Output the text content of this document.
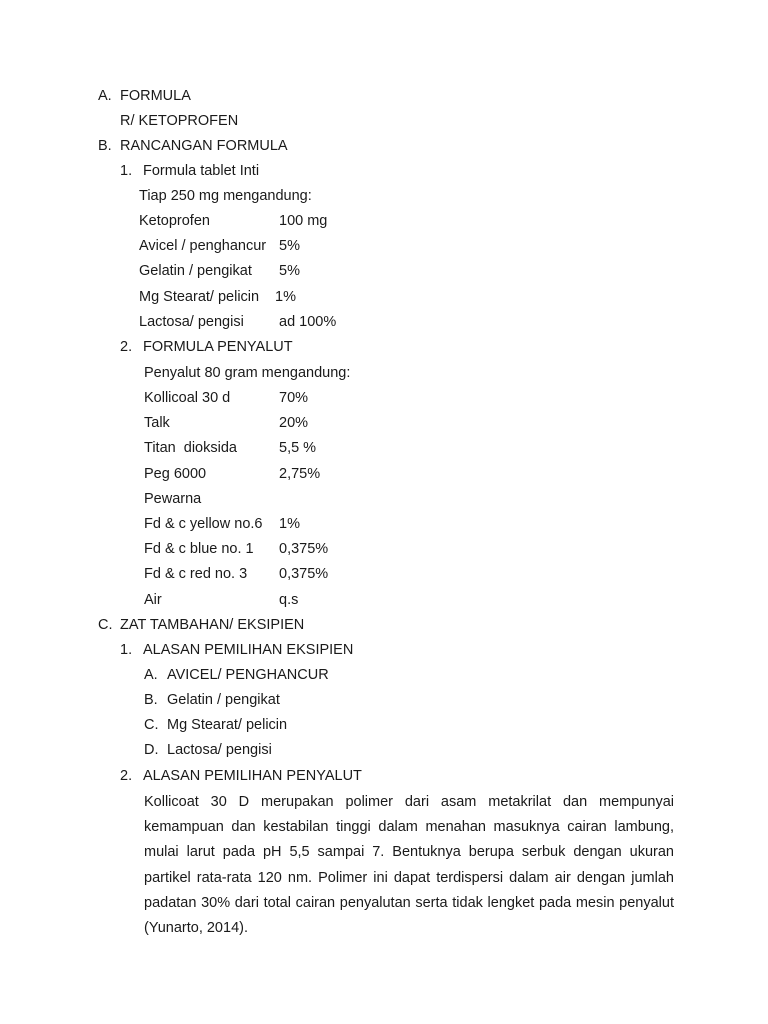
A. FORMULA
R/ KETOPROFEN
B. RANCANGAN FORMULA
1. Formula tablet Inti
Tiap 250 mg mengandung:
Ketoprofen	100 mg
Avicel / penghancur 5%
Gelatin / pengikat 5%
Mg Stearat/ pelicin 1%
Lactosa/ pengisi ad 100%
2. FORMULA PENYALUT
Penyalut 80 gram mengandung:
Kollicoal 30 d	70%
Talk	20%
Titan  dioksida	5,5 %
Peg 6000	2,75%
Pewarna
Fd & c yellow no.6 1%
Fd & c blue no. 1 0,375%
Fd & c red no. 3 0,375%
Air	q.s
C. ZAT TAMBAHAN/ EKSIPIEN
1. ALASAN PEMILIHAN EKSIPIEN
A. AVICEL/ PENGHANCUR
B. Gelatin / pengikat
C. Mg Stearat/ pelicin
D. Lactosa/ pengisi
2. ALASAN PEMILIHAN PENYALUT
Kollicoat 30 D merupakan polimer dari asam metakrilat dan mempunyai kemampuan dan kestabilan tinggi dalam menahan masuknya cairan lambung, mulai larut pada pH 5,5 sampai 7. Bentuknya berupa serbuk dengan ukuran partikel rata-rata 120 nm. Polimer ini dapat terdispersi dalam air dengan jumlah padatan 30% dari total cairan penyalutan serta tidak lengket pada mesin penyalut (Yunarto, 2014).
